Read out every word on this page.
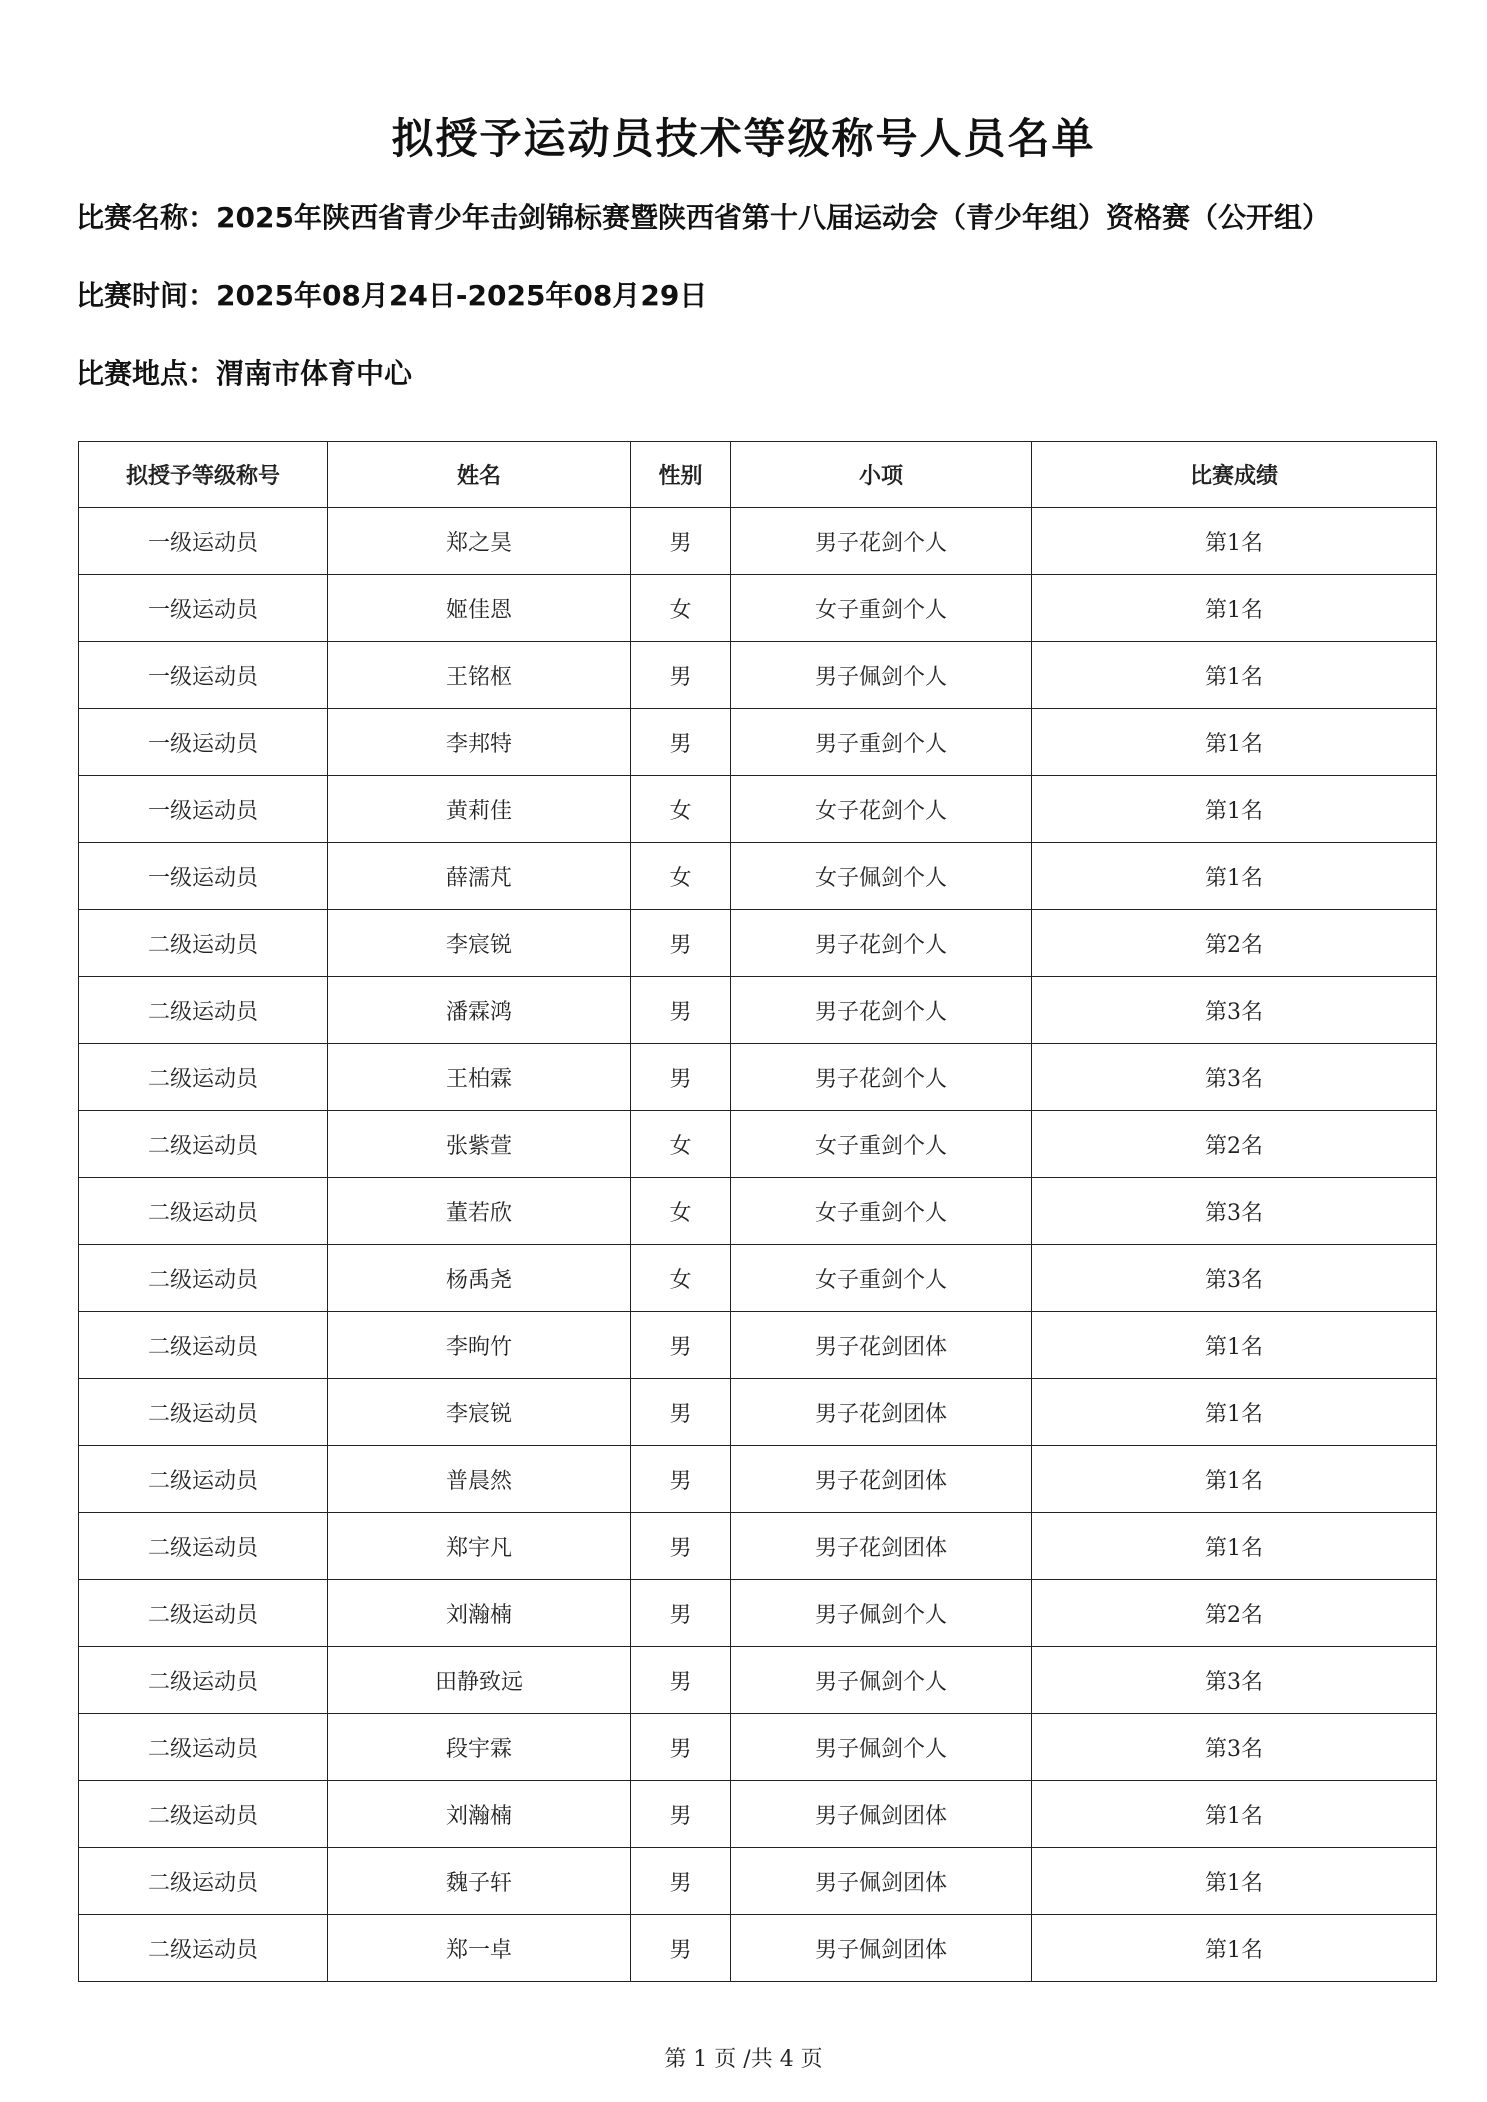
拟授予运动员技术等级称号人员名单

比赛名称：2025年陕西省青少年击剑锦标赛暨陕西省第十八届运动会（青少年组）资格赛（公开组）

比赛时间：2025年08月24日-2025年08月29日

比赛地点：渭南市体育中心

拟授予等级称号	姓名	性别	小项	比赛成绩
一级运动员	郑之昊	男	男子花剑个人	第1名
一级运动员	姬佳恩	女	女子重剑个人	第1名
一级运动员	王铭枢	男	男子佩剑个人	第1名
一级运动员	李邦特	男	男子重剑个人	第1名
一级运动员	黄莉佳	女	女子花剑个人	第1名
一级运动员	薛濡芃	女	女子佩剑个人	第1名
二级运动员	李宸锐	男	男子花剑个人	第2名
二级运动员	潘霖鸿	男	男子花剑个人	第3名
二级运动员	王柏霖	男	男子花剑个人	第3名
二级运动员	张紫萱	女	女子重剑个人	第2名
二级运动员	董若欣	女	女子重剑个人	第3名
二级运动员	杨禹尧	女	女子重剑个人	第3名
二级运动员	李昫竹	男	男子花剑团体	第1名
二级运动员	李宸锐	男	男子花剑团体	第1名
二级运动员	普晨然	男	男子花剑团体	第1名
二级运动员	郑宇凡	男	男子花剑团体	第1名
二级运动员	刘瀚楠	男	男子佩剑个人	第2名
二级运动员	田静致远	男	男子佩剑个人	第3名
二级运动员	段宇霖	男	男子佩剑个人	第3名
二级运动员	刘瀚楠	男	男子佩剑团体	第1名
二级运动员	魏子轩	男	男子佩剑团体	第1名
二级运动员	郑一卓	男	男子佩剑团体	第1名
第 1 页 /共 4 页
